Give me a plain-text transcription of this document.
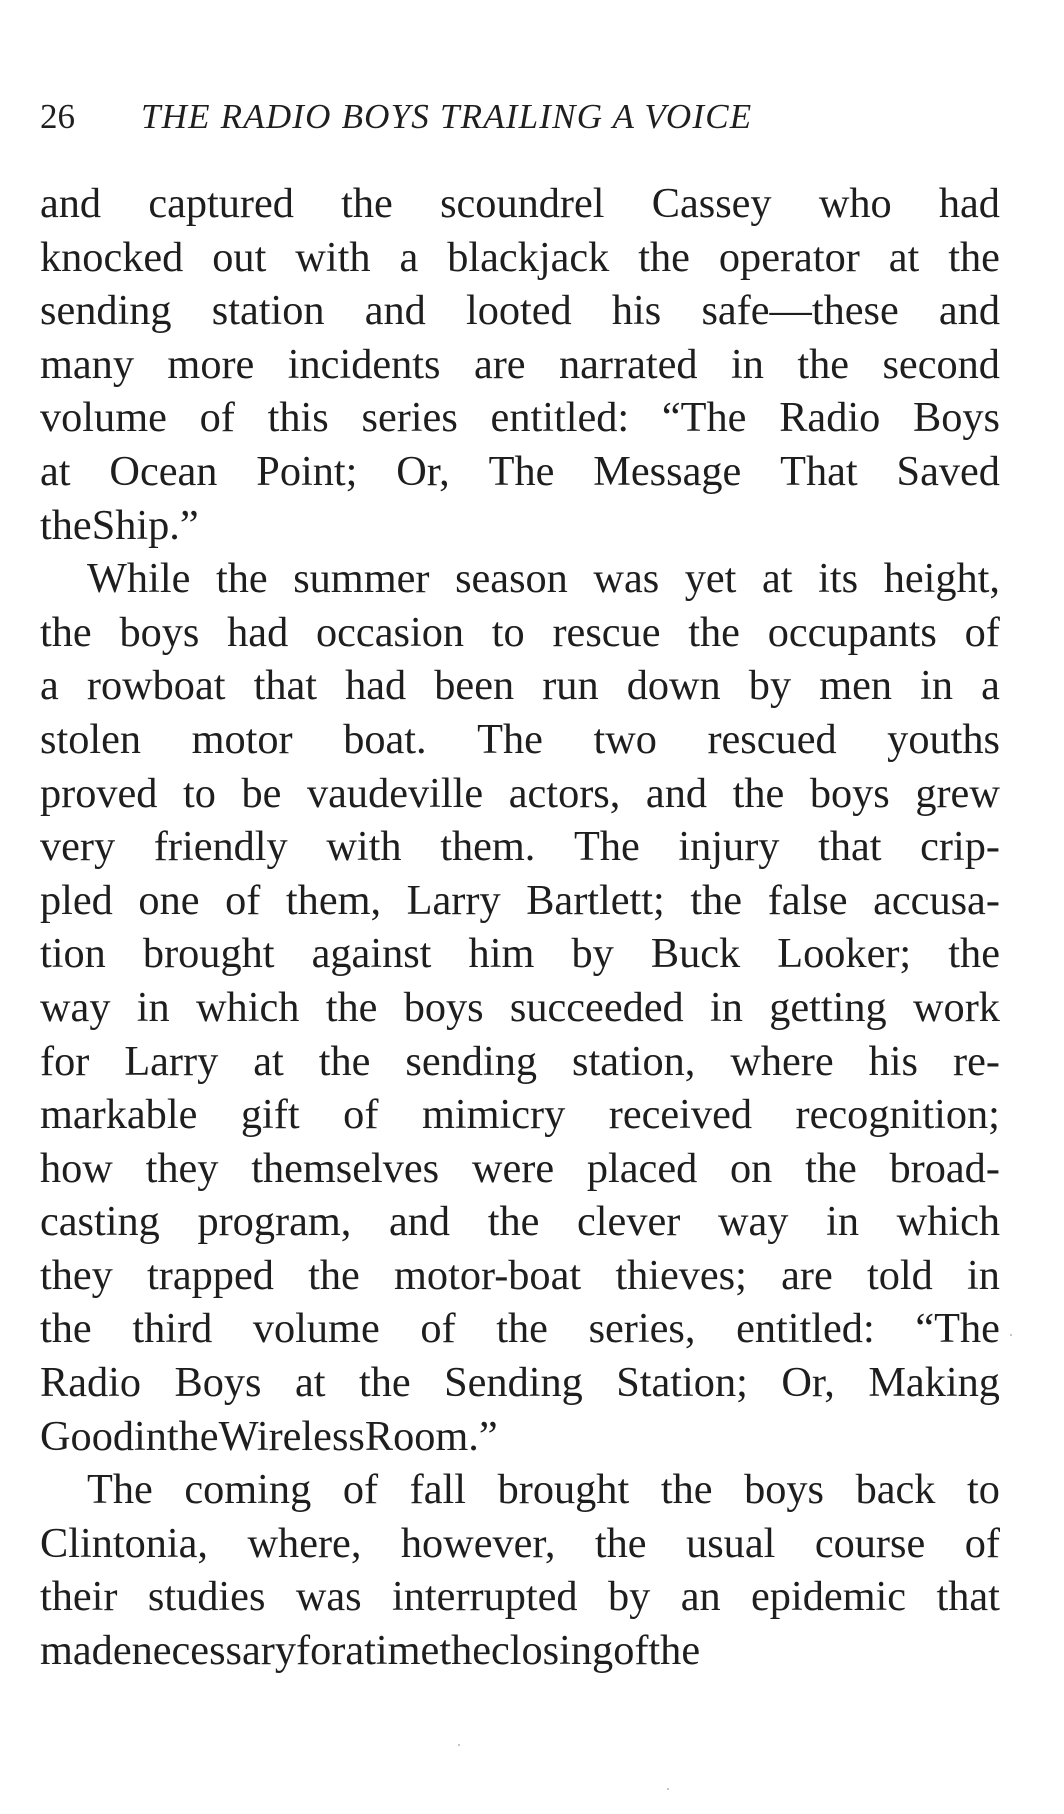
26 THE RADIO BOYS TRAILING A VOICE
and captured the scoundrel Cassey who had
knocked out with a blackjack the operator at the
sending station and looted his safe—these and
many more incidents are narrated in the second
volume of this series entitled: “The Radio Boys
at Ocean Point; Or, The Message That Saved
the Ship.”
While the summer season was yet at its height,
the boys had occasion to rescue the occupants of
a rowboat that had been run down by men in a
stolen motor boat. The two rescued youths
proved to be vaudeville actors, and the boys grew
very friendly with them. The injury that crip-
pled one of them, Larry Bartlett; the false accusa-
tion brought against him by Buck Looker; the
way in which the boys succeeded in getting work
for Larry at the sending station, where his re-
markable gift of mimicry received recognition;
how they themselves were placed on the broad-
casting program, and the clever way in which
they trapped the motor-boat thieves; are told in
the third volume of the series, entitled: “The
Radio Boys at the Sending Station; Or, Making
Good in the Wireless Room.”
The coming of fall brought the boys back to
Clintonia, where, however, the usual course of
their studies was interrupted by an epidemic that
made necessary for a time the closing of the
